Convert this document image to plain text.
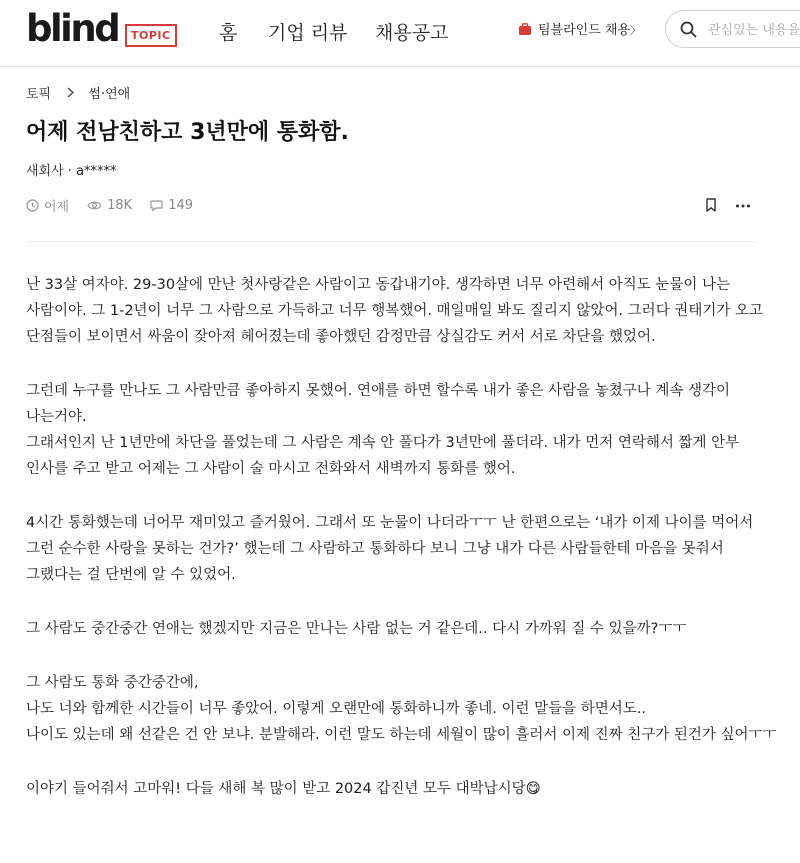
blind	TOPIC	홈 기업 리뷰 채용공고	팀블라인드 채용〉
관심있는 내용을 검색해보세요
토픽	썸·연애
어제 전남친하고 3년만에 통화함.
새회사 · a*****
어제	18K	149

난 33살 여자야. 29-30살에 만난 첫사랑같은 사람이고 동갑내기야. 생각하면 너무 아련해서 아직도 눈물이 나는 사람이야. 그 1-2년이 너무 그 사람으로 가득하고 너무 행복했어. 매일매일 봐도 질리지 않았어. 그러다 권태기가 오고 단점들이 보이면서 싸움이 잦아져 헤어졌는데 좋아했던 감정만큼 상실감도 커서 서로 차단을 했었어.

그런데 누구를 만나도 그 사람만큼 좋아하지 못했어. 연애를 하면 할수록 내가 좋은 사람을 놓쳤구나 계속 생각이 나는거야.
그래서인지 난 1년만에 차단을 풀었는데 그 사람은 계속 안 풀다가 3년만에 풀더라. 내가 먼저 연락해서 짧게 안부 인사를 주고 받고 어제는 그 사람이 술 마시고 전화와서 새벽까지 통화를 했어.

4시간 통화했는데 너어무 재미있고 즐거웠어. 그래서 또 눈물이 나더라ㅜㅜ 난 한편으로는 ‘내가 이제 나이를 먹어서 그런 순수한 사랑을 못하는 건가?’ 했는데 그 사람하고 통화하다 보니 그냥 내가 다른 사람들한테 마음을 못줘서 그랬다는 걸 단번에 알 수 있었어.

그 사람도 중간중간 연애는 했겠지만 지금은 만나는 사람 없는 거 같은데.. 다시 가까워 질 수 있을까?ㅜㅜ

그 사람도 통화 중간중간에,
나도 너와 함께한 시간들이 너무 좋았어. 이렇게 오랜만에 통화하니까 좋네. 이런 말들을 하면서도..
나이도 있는데 왜 선같은 건 안 보냐. 분발해라. 이런 말도 하는데 세월이 많이 흘러서 이제 진짜 친구가 된건가 싶어ㅜㅜ

이야기 들어줘서 고마워! 다들 새해 복 많이 받고 2024 갑진년 모두 대박납시당😋
